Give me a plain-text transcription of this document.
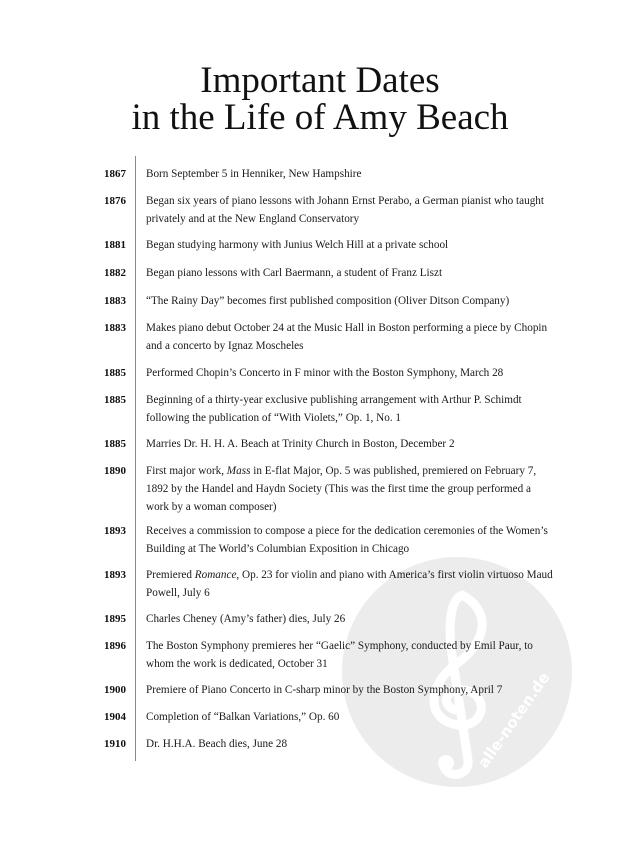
Important Dates
in the Life of Amy Beach
alle-noten.de
1867	Born September 5 in Henniker, New Hampshire
1876	Began six years of piano lessons with Johann Ernst Perabo, a German pianist who taught privately and at the New England Conservatory
1881	Began studying harmony with Junius Welch Hill at a private school
1882	Began piano lessons with Carl Baermann, a student of Franz Liszt
1883	“The Rainy Day” becomes first published composition (Oliver Ditson Company)
1883	Makes piano debut October 24 at the Music Hall in Boston performing a piece by Chopin and a concerto by Ignaz Moscheles
1885	Performed Chopin’s Concerto in F minor with the Boston Symphony, March 28
1885	Beginning of a thirty-year exclusive publishing arrangement with Arthur P. Schimdt following the publication of “With Violets,” Op. 1, No. 1
1885	Marries Dr. H. H. A. Beach at Trinity Church in Boston, December 2
1890	First major work, Mass in E-flat Major, Op. 5 was published, premiered on February 7, 1892 by the Handel and Haydn Society (This was the first time the group performed a work by a woman composer)
1893	Receives a commission to compose a piece for the dedication ceremonies of the Women’s Building at The World’s Columbian Exposition in Chicago
1893	Premiered Romance, Op. 23 for violin and piano with America’s first violin virtuoso Maud Powell, July 6
1895	Charles Cheney (Amy’s father) dies, July 26
1896	The Boston Symphony premieres her “Gaelic” Symphony, conducted by Emil Paur, to whom the work is dedicated, October 31
1900	Premiere of Piano Concerto in C-sharp minor by the Boston Symphony, April 7
1904	Completion of “Balkan Variations,” Op. 60
1910	Dr. H.H.A. Beach dies, June 28
